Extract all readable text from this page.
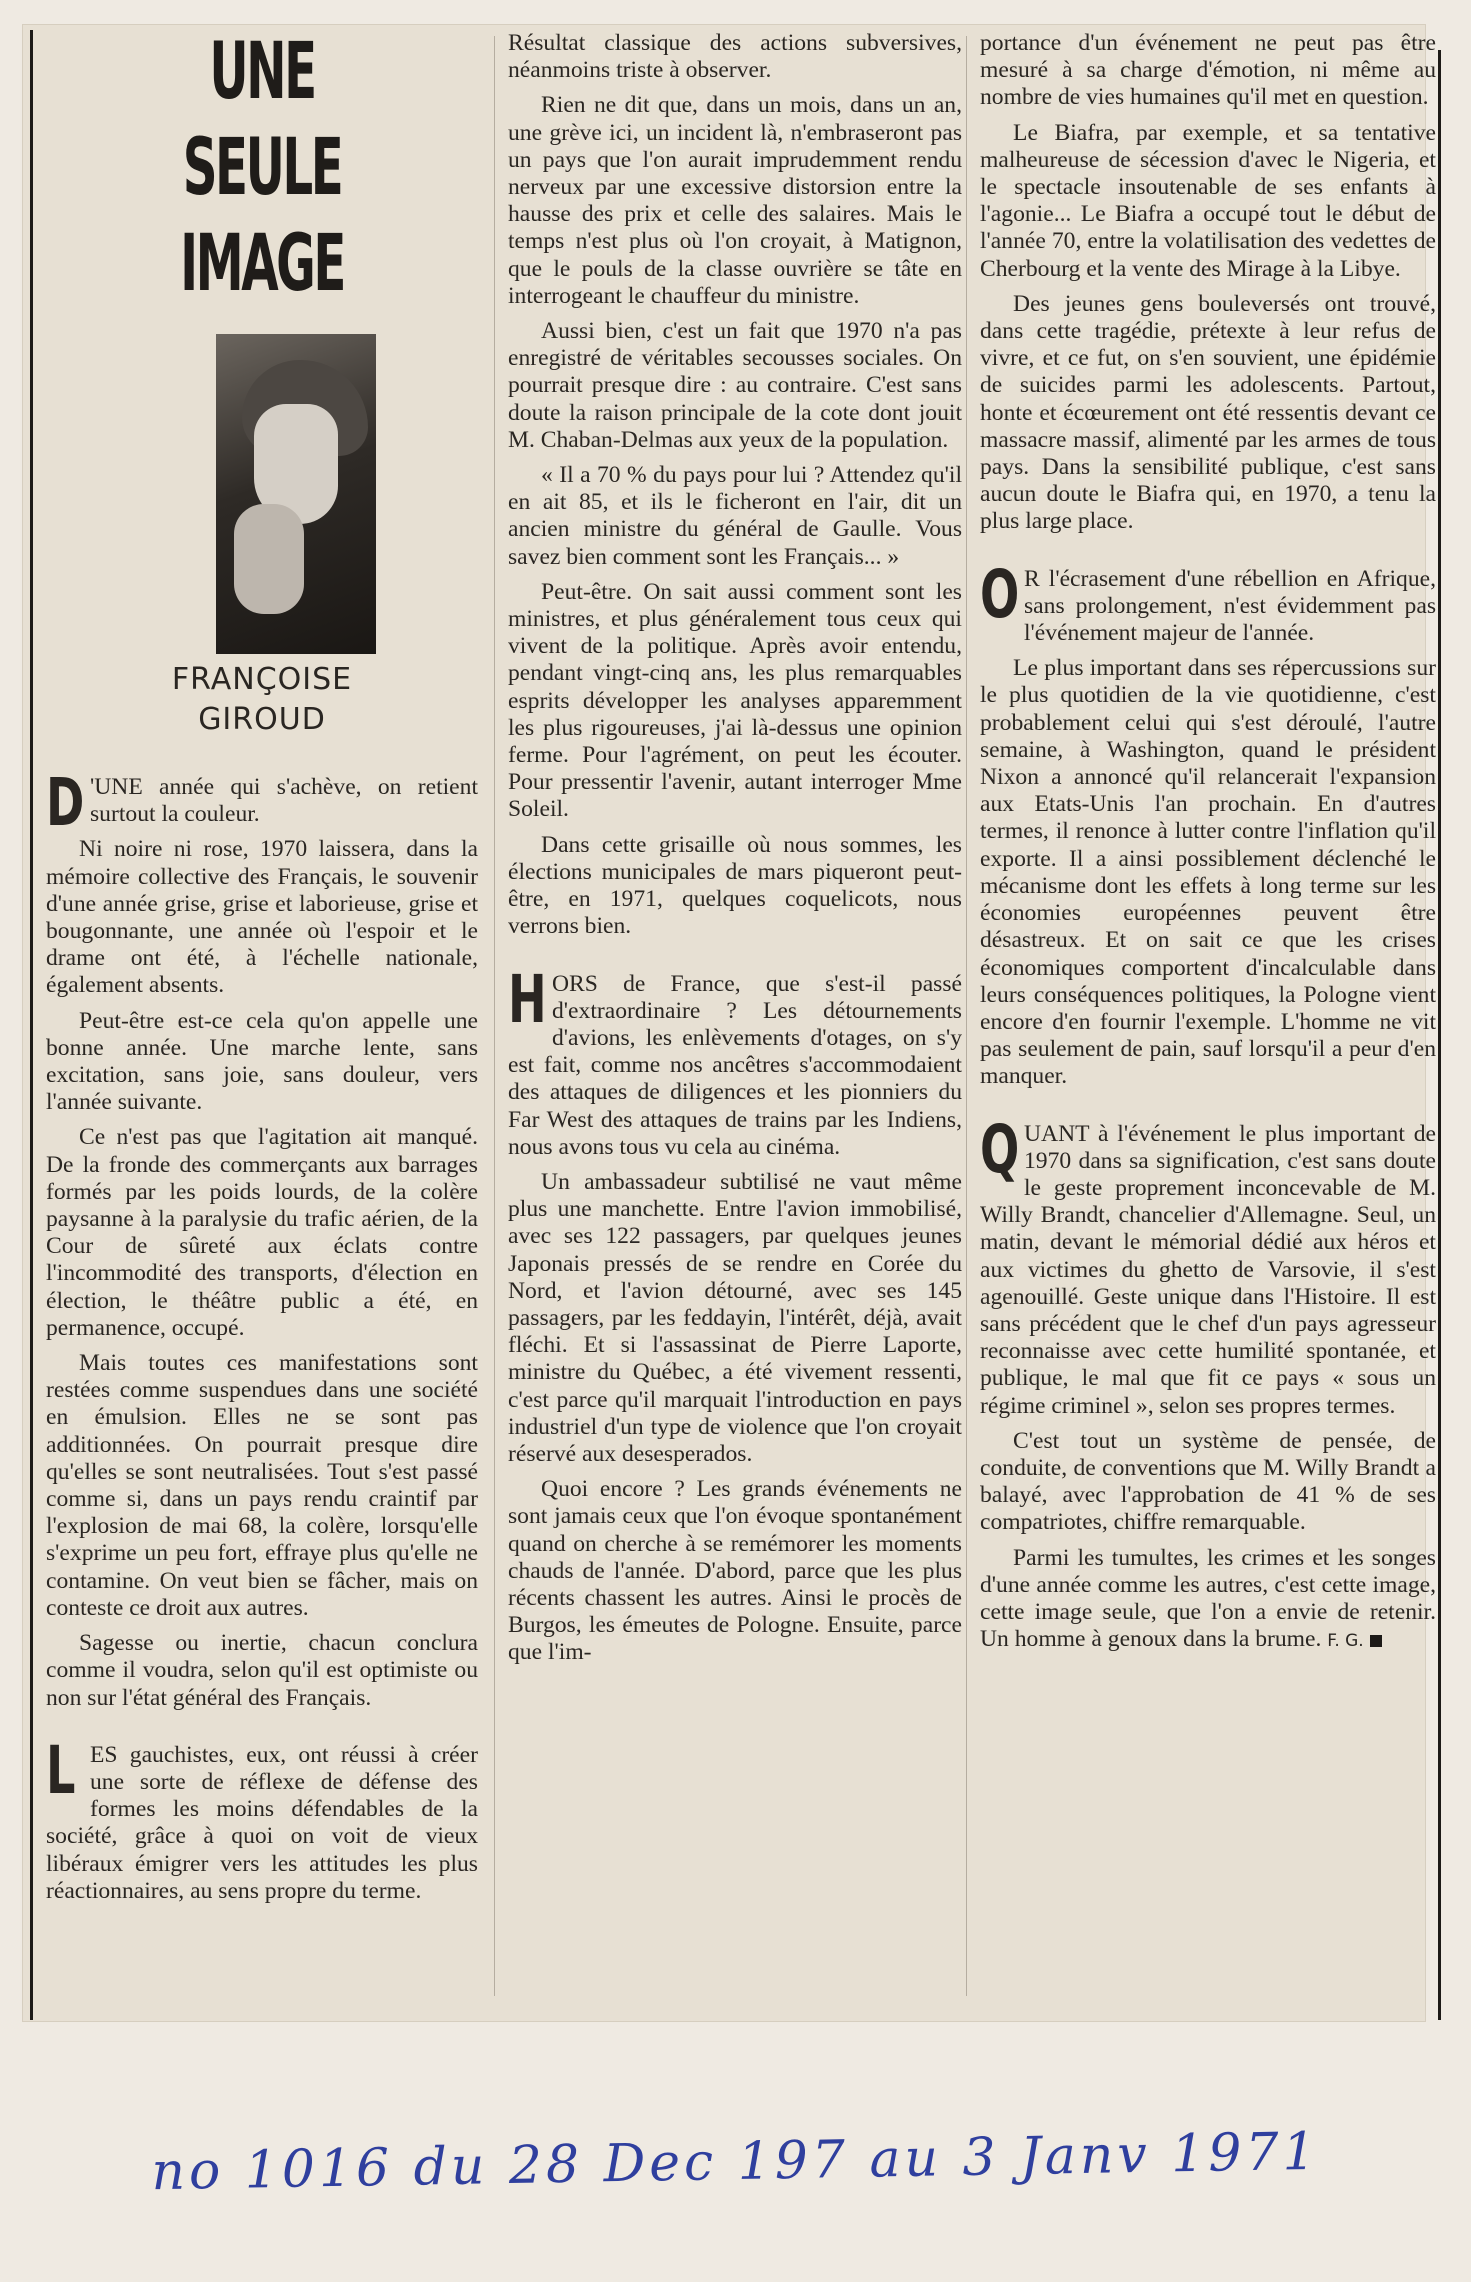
UNE
SEULE
IMAGE
FRANÇOISE
GIROUD

D 'UNE année qui s'achève, on retient surtout la couleur.

Ni noire ni rose, 1970 laissera, dans la mémoire collective des Français, le souvenir d'une année grise, grise et laborieuse, grise et bougonnante, une année où l'espoir et le drame ont été, à l'échelle nationale, également absents.

Peut-être est-ce cela qu'on appelle une bonne année. Une marche lente, sans excitation, sans joie, sans douleur, vers l'année suivante.

Ce n'est pas que l'agitation ait manqué. De la fronde des commerçants aux barrages formés par les poids lourds, de la colère paysanne à la paralysie du trafic aérien, de la Cour de sûreté aux éclats contre l'incommodité des transports, d'élection en élection, le théâtre public a été, en permanence, occupé.

Mais toutes ces manifestations sont restées comme suspendues dans une société en émulsion. Elles ne se sont pas additionnées. On pourrait presque dire qu'elles se sont neutralisées. Tout s'est passé comme si, dans un pays rendu craintif par l'explosion de mai 68, la colère, lorsqu'elle s'exprime un peu fort, effraye plus qu'elle ne contamine. On veut bien se fâcher, mais on conteste ce droit aux autres.

Sagesse ou inertie, chacun conclura comme il voudra, selon qu'il est optimiste ou non sur l'état général des Français.

LES gauchistes, eux, ont réussi à créer une sorte de réflexe de défense des formes les moins défendables de la société, grâce à quoi on voit de vieux libéraux émigrer vers les attitudes les plus réactionnaires, au sens propre du terme.

Résultat classique des actions subversives, néanmoins triste à observer.

Rien ne dit que, dans un mois, dans un an, une grève ici, un incident là, n'embraseront pas un pays que l'on aurait imprudemment rendu nerveux par une excessive distorsion entre la hausse des prix et celle des salaires. Mais le temps n'est plus où l'on croyait, à Matignon, que le pouls de la classe ouvrière se tâte en interrogeant le chauffeur du ministre.

Aussi bien, c'est un fait que 1970 n'a pas enregistré de véritables secousses sociales. On pourrait presque dire : au contraire. C'est sans doute la raison principale de la cote dont jouit M. Chaban-Delmas aux yeux de la population.

« Il a 70 % du pays pour lui ? Attendez qu'il en ait 85, et ils le ficheront en l'air, dit un ancien ministre du général de Gaulle. Vous savez bien comment sont les Français... »

Peut-être. On sait aussi comment sont les ministres, et plus généralement tous ceux qui vivent de la politique. Après avoir entendu, pendant vingt-cinq ans, les plus remarquables esprits développer les analyses apparemment les plus rigoureuses, j'ai là-dessus une opinion ferme. Pour l'agrément, on peut les écouter. Pour pressentir l'avenir, autant interroger Mme Soleil.

Dans cette grisaille où nous sommes, les élections municipales de mars piqueront peut-être, en 1971, quelques coquelicots, nous verrons bien.

HORS de France, que s'est-il passé d'extraordinaire ? Les détournements d'avions, les enlèvements d'otages, on s'y est fait, comme nos ancêtres s'accommodaient des attaques de diligences et les pionniers du Far West des attaques de trains par les Indiens, nous avons tous vu cela au cinéma.

Un ambassadeur subtilisé ne vaut même plus une manchette. Entre l'avion immobilisé, avec ses 122 passagers, par quelques jeunes Japonais pressés de se rendre en Corée du Nord, et l'avion détourné, avec ses 145 passagers, par les feddayin, l'intérêt, déjà, avait fléchi. Et si l'assassinat de Pierre Laporte, ministre du Québec, a été vivement ressenti, c'est parce qu'il marquait l'introduction en pays industriel d'un type de violence que l'on croyait réservé aux desesperados.

Quoi encore ? Les grands événements ne sont jamais ceux que l'on évoque spontanément quand on cherche à se remémorer les moments chauds de l'année. D'abord, parce que les plus récents chassent les autres. Ainsi le procès de Burgos, les émeutes de Pologne. Ensuite, parce que l'im-

portance d'un événement ne peut pas être mesuré à sa charge d'émotion, ni même au nombre de vies humaines qu'il met en question.

Le Biafra, par exemple, et sa tentative malheureuse de sécession d'avec le Nigeria, et le spectacle insoutenable de ses enfants à l'agonie... Le Biafra a occupé tout le début de l'année 70, entre la volatilisation des vedettes de Cherbourg et la vente des Mirage à la Libye.

Des jeunes gens bouleversés ont trouvé, dans cette tragédie, prétexte à leur refus de vivre, et ce fut, on s'en souvient, une épidémie de suicides parmi les adolescents. Partout, honte et écœurement ont été ressentis devant ce massacre massif, alimenté par les armes de tous pays. Dans la sensibilité publique, c'est sans aucun doute le Biafra qui, en 1970, a tenu la plus large place.

O R l'écrasement d'une rébellion en Afrique, sans prolongement, n'est évidemment pas l'événement majeur de l'année.

Le plus important dans ses répercussions sur le plus quotidien de la vie quotidienne, c'est probablement celui qui s'est déroulé, l'autre semaine, à Washington, quand le président Nixon a annoncé qu'il relancerait l'expansion aux Etats-Unis l'an prochain. En d'autres termes, il renonce à lutter contre l'inflation qu'il exporte. Il a ainsi possiblement déclenché le mécanisme dont les effets à long terme sur les économies européennes peuvent être désastreux. Et on sait ce que les crises économiques comportent d'incalculable dans leurs conséquences politiques, la Pologne vient encore d'en fournir l'exemple. L'homme ne vit pas seulement de pain, sauf lorsqu'il a peur d'en manquer.

QUANT à l'événement le plus important de 1970 dans sa signification, c'est sans doute le geste proprement inconcevable de M. Willy Brandt, chancelier d'Allemagne. Seul, un matin, devant le mémorial dédié aux héros et aux victimes du ghetto de Varsovie, il s'est agenouillé. Geste unique dans l'Histoire. Il est sans précédent que le chef d'un pays agresseur reconnaisse avec cette humilité spontanée, et publique, le mal que fit ce pays « sous un régime criminel », selon ses propres termes.

C'est tout un système de pensée, de conduite, de conventions que M. Willy Brandt a balayé, avec l'approbation de 41 % de ses compatriotes, chiffre remarquable.

Parmi les tumultes, les crimes et les songes d'une année comme les autres, c'est cette image, cette image seule, que l'on a envie de retenir. Un homme à genoux dans la brume. F. G.

no 1016 du 28 Dec 197 au 3 Janv 1971
